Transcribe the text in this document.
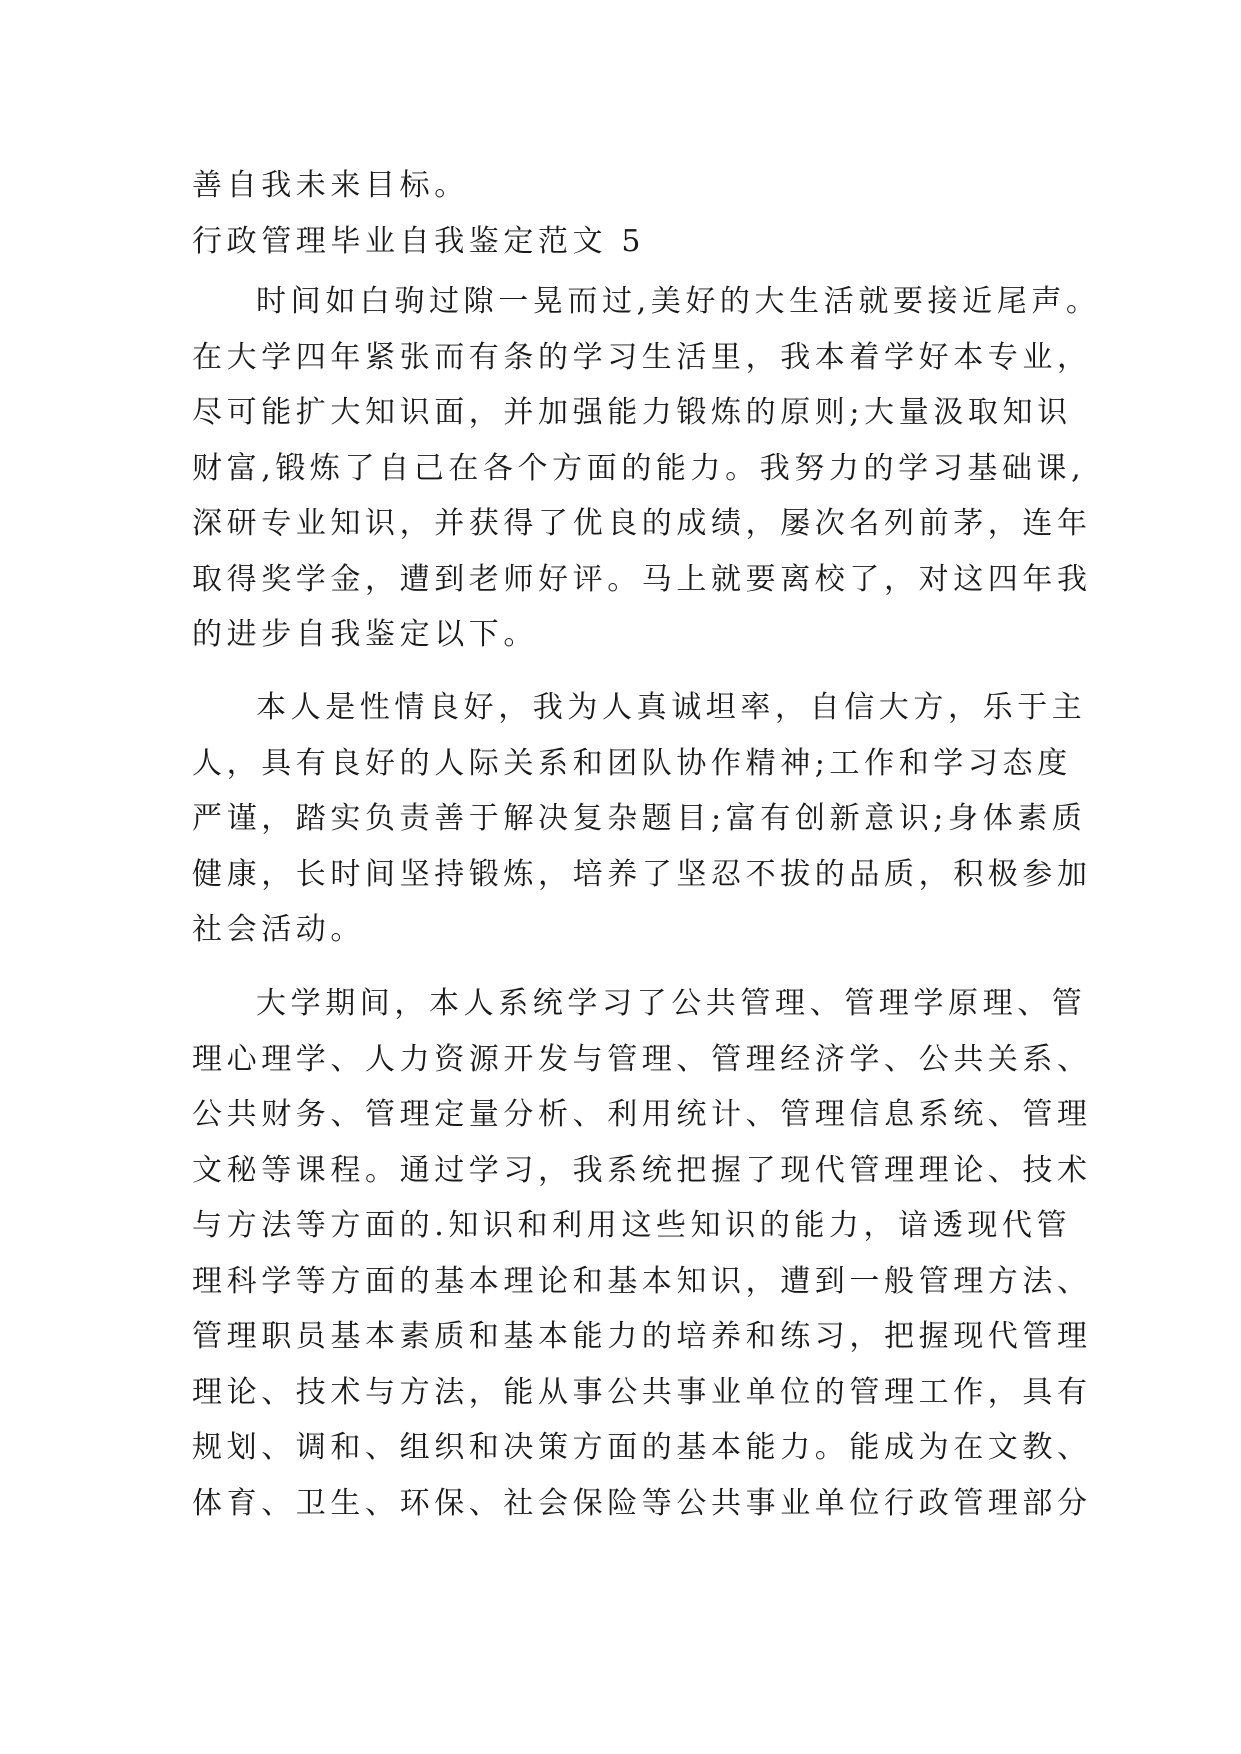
善自我未来目标。
行政管理毕业自我鉴定范文 5
时间如白驹过隙一晃而过,美好的大生活就要接近尾声。
在大学四年紧张而有条的学习生活里，我本着学好本专业，
尽可能扩大知识面，并加强能力锻炼的原则;大量汲取知识
财富,锻炼了自己在各个方面的能力。我努力的学习基础课,
深研专业知识，并获得了优良的成绩，屡次名列前茅，连年
取得奖学金，遭到老师好评。马上就要离校了，对这四年我
的进步自我鉴定以下。
本人是性情良好，我为人真诚坦率，自信大方，乐于主
人，具有良好的人际关系和团队协作精神;工作和学习态度
严谨，踏实负责善于解决复杂题目;富有创新意识;身体素质
健康，长时间坚持锻炼，培养了坚忍不拔的品质，积极参加
社会活动。
大学期间，本人系统学习了公共管理、管理学原理、管
理心理学、人力资源开发与管理、管理经济学、公共关系、
公共财务、管理定量分析、利用统计、管理信息系统、管理
文秘等课程。通过学习，我系统把握了现代管理理论、技术
与方法等方面的.知识和利用这些知识的能力，谙透现代管
理科学等方面的基本理论和基本知识，遭到一般管理方法、
管理职员基本素质和基本能力的培养和练习，把握现代管理
理论、技术与方法，能从事公共事业单位的管理工作，具有
规划、调和、组织和决策方面的基本能力。能成为在文教、
体育、卫生、环保、社会保险等公共事业单位行政管理部分
